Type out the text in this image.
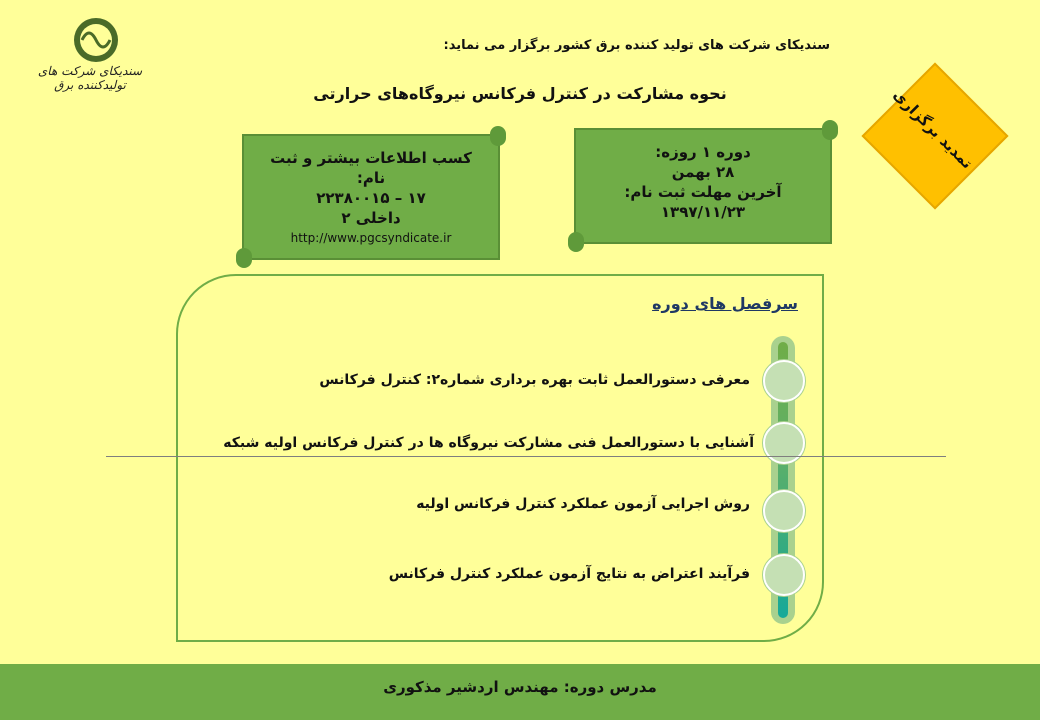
سندیکای شرکت های تولیدکننده برق
سندیکای شرکت های تولید کننده برق کشور برگزار می نماید:
نحوه مشارکت در کنترل فرکانس نیروگاه‌های حرارتی	تمدید برگزاری
دوره ۱ روزه:
۲۸ بهمن
آخرین مهلت ثبت نام:
۱۳۹۷/۱۱/۲۳
کسب اطلاعات بیشتر و ثبت نام:
۱۷ – ۲۲۳۸۰۰۱۵
داخلی ۲
http://www.pgcsyndicate.ir
سرفصل های دوره
معرفی دستورالعمل ثابت بهره برداری شماره۲: کنترل فرکانس
آشنایی با دستورالعمل فنی مشارکت نیروگاه ها در کنترل فرکانس اولیه شبکه
روش اجرایی آزمون عملکرد کنترل فرکانس اولیه
فرآیند اعتراض به نتایج آزمون عملکرد کنترل فرکانس
مدرس دوره: مهندس اردشیر مذکوری
